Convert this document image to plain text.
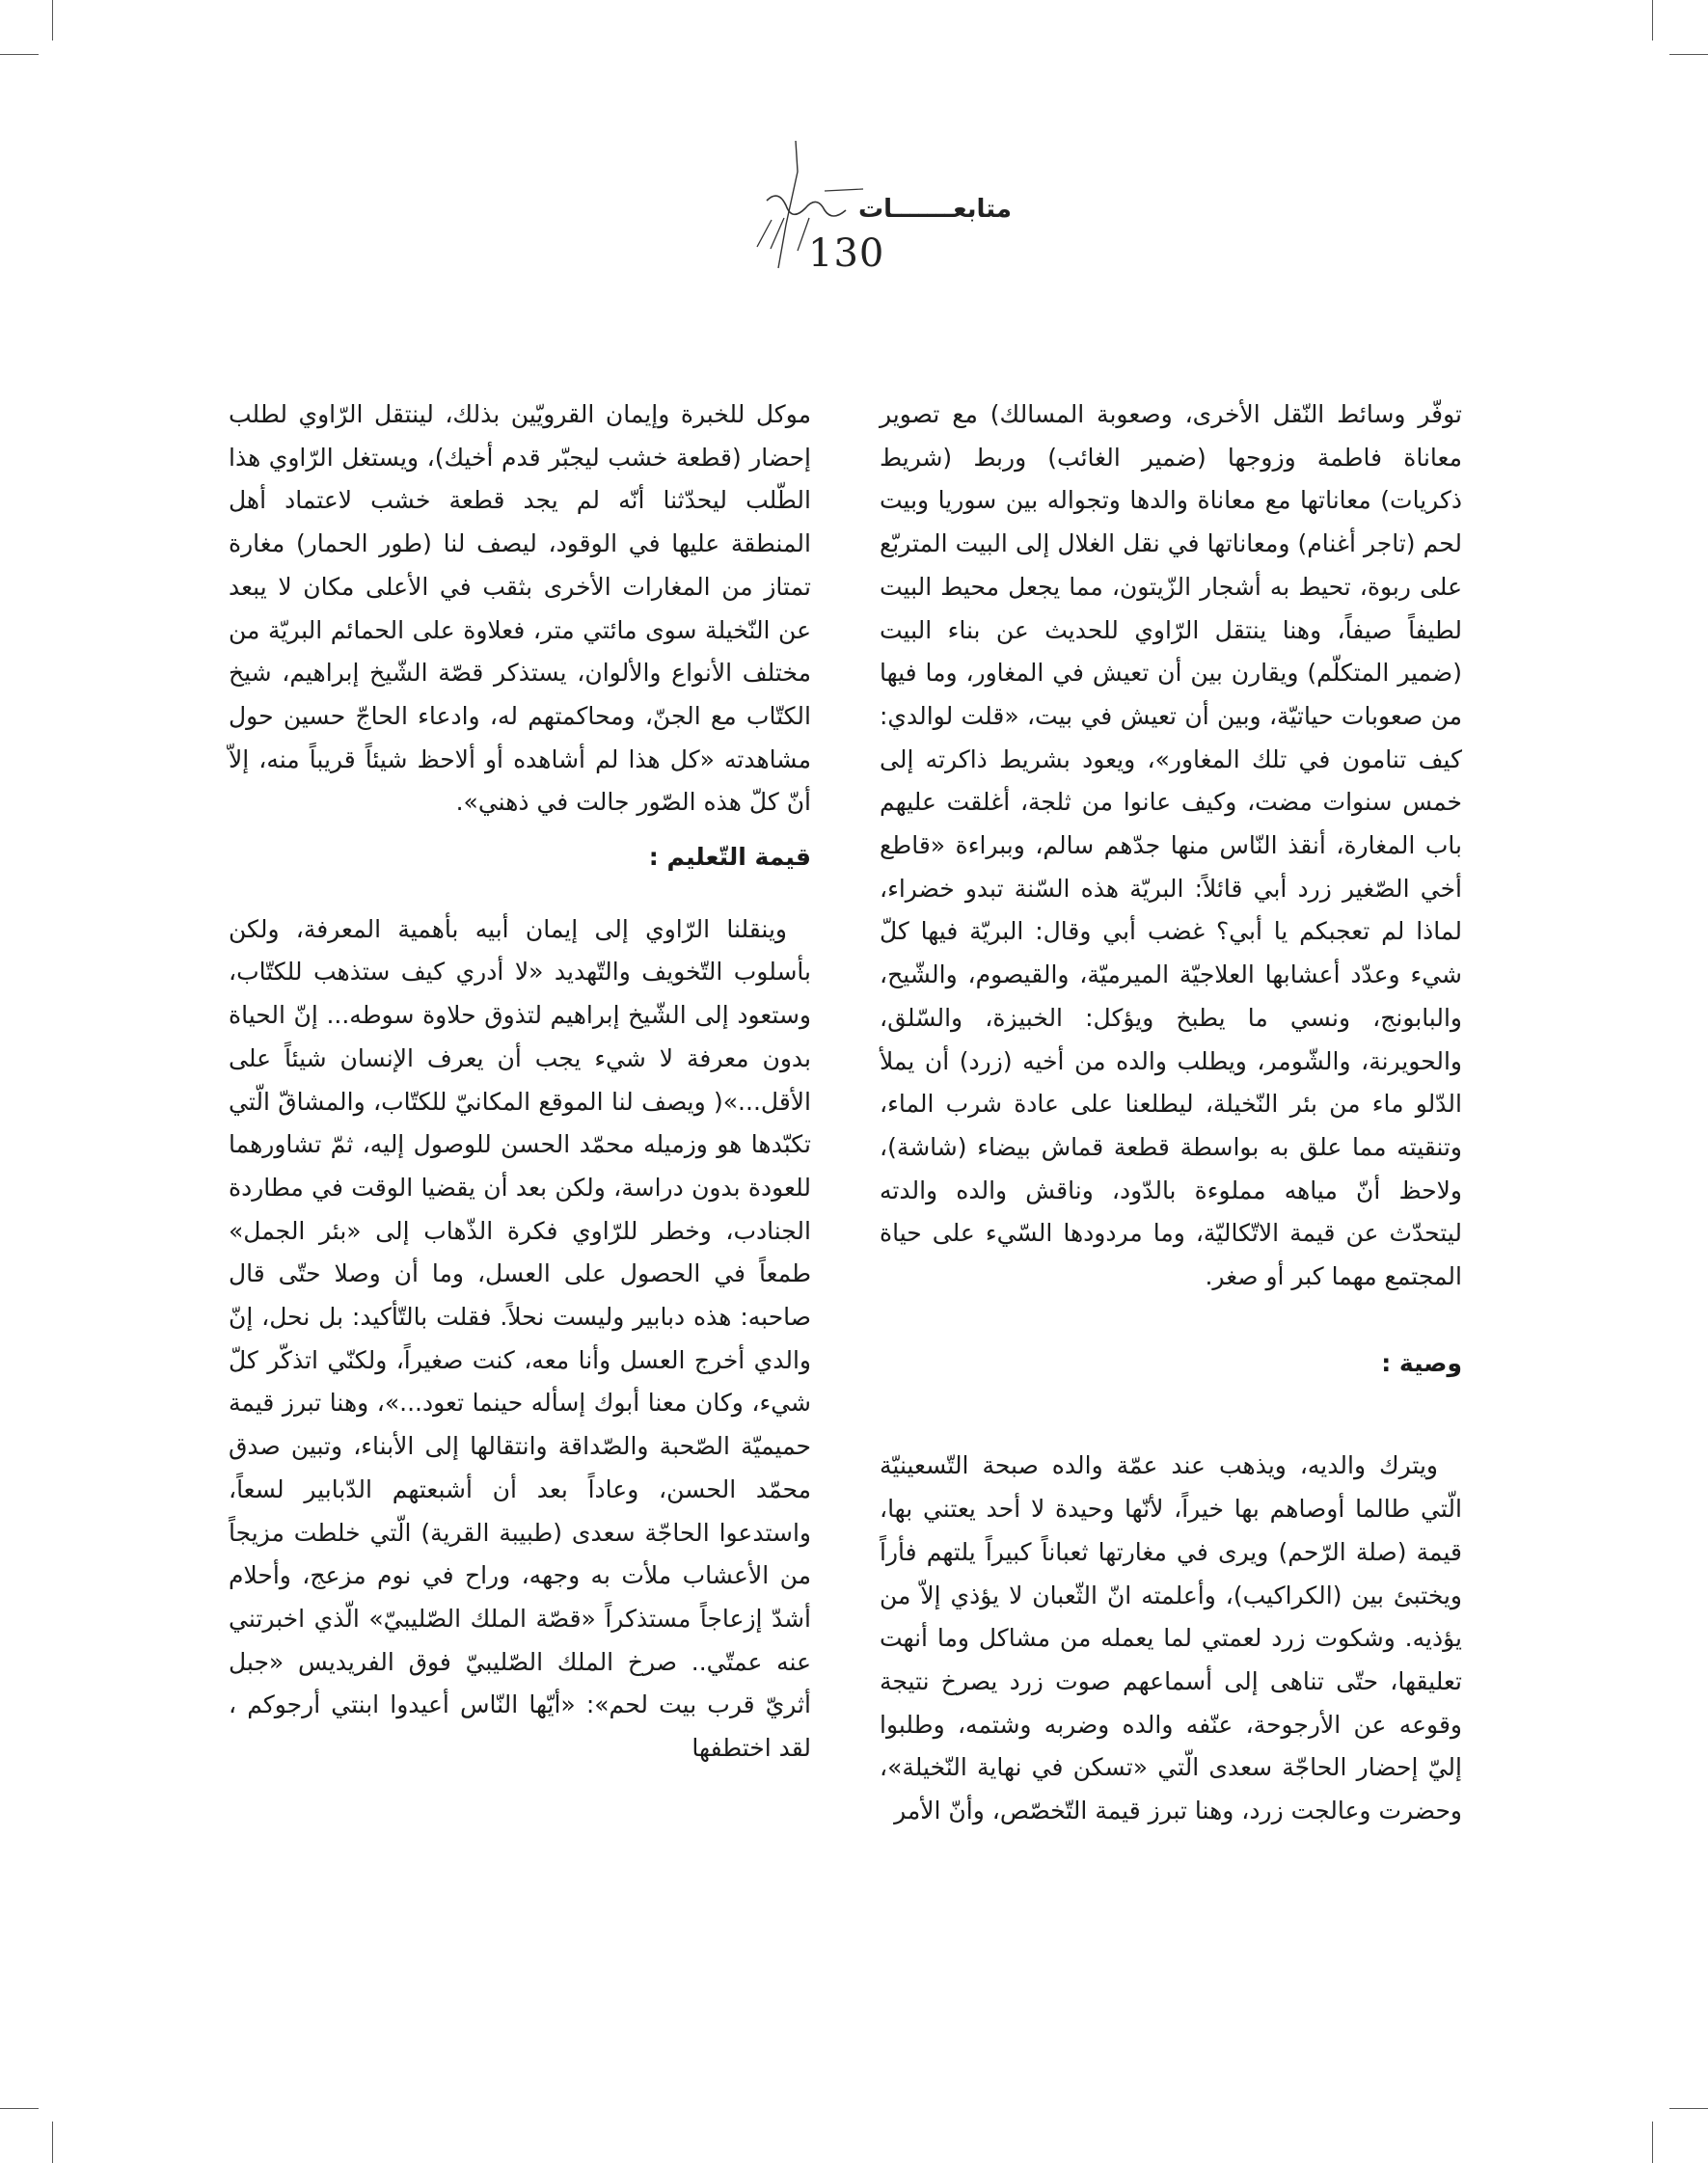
متابعـــــــات
130

توفّر وسائط النّقل الأخرى، وصعوبة المسالك) مع تصوير معاناة فاطمة وزوجها (ضمير الغائب) وربط (شريط ذكريات) معاناتها مع معاناة والدها وتجواله بين سوريا وبيت لحم (تاجر أغنام) ومعاناتها في نقل الغلال إلى البيت المتربّع على ربوة، تحيط به أشجار الزّيتون، مما يجعل محيط البيت لطيفاً صيفاً، وهنا ينتقل الرّاوي للحديث عن بناء البيت (ضمير المتكلّم) ويقارن بين أن تعيش في المغاور، وما فيها من صعوبات حياتيّة، وبين أن تعيش في بيت، «قلت لوالدي: كيف تنامون في تلك المغاور»، ويعود بشريط ذاكرته إلى خمس سنوات مضت، وكيف عانوا من ثلجة، أغلقت عليهم باب المغارة، أنقذ النّاس منها جدّهم سالم، وببراءة «قاطع أخي الصّغير زرد أبي قائلاً: البريّة هذه السّنة تبدو خضراء، لماذا لم تعجبكم يا أبي؟ غضب أبي وقال: البريّة فيها كلّ شيء وعدّد أعشابها العلاجيّة الميرميّة، والقيصوم، والشّيح، والبابونج، ونسي ما يطبخ ويؤكل: الخبيزة، والسّلق، والحويرنة، والشّومر، ويطلب والده من أخيه (زرد) أن يملأ الدّلو ماء من بئر النّخيلة، ليطلعنا على عادة شرب الماء، وتنقيته مما علق به بواسطة قطعة قماش بيضاء (شاشة)، ولاحظ أنّ مياهه مملوءة بالدّود، وناقش والده والدته ليتحدّث عن قيمة الاتّكاليّة، وما مردودها السّيء على حياة المجتمع مهما كبر أو صغر.

وصية :

ويترك والديه، ويذهب عند عمّة والده صبحة التّسعينيّة الّتي طالما أوصاهم بها خيراً، لأنّها وحيدة لا أحد يعتني بها، قيمة (صلة الرّحم) ويرى في مغارتها ثعباناً كبيراً يلتهم فأراً ويختبئ بين (الكراكيب)، وأعلمته انّ الثّعبان لا يؤذي إلاّ من يؤذيه. وشكوت زرد لعمتي لما يعمله من مشاكل وما أنهت تعليقها، حتّى تناهى إلى أسماعهم صوت زرد يصرخ نتيجة وقوعه عن الأرجوحة، عنّفه والده وضربه وشتمه، وطلبوا إليّ إحضار الحاجّة سعدى الّتي «تسكن في نهاية النّخيلة»، وحضرت وعالجت زرد، وهنا تبرز قيمة التّخصّص، وأنّ الأمر

موكل للخبرة وإيمان القرويّين بذلك، لينتقل الرّاوي لطلب إحضار (قطعة خشب ليجبّر قدم أخيك)، ويستغل الرّاوي هذا الطّلب ليحدّثنا أنّه لم يجد قطعة خشب لاعتماد أهل المنطقة عليها في الوقود، ليصف لنا (طور الحمار) مغارة تمتاز من المغارات الأخرى بثقب في الأعلى مكان لا يبعد عن النّخيلة سوى مائتي متر، فعلاوة على الحمائم البريّة من مختلف الأنواع والألوان، يستذكر قصّة الشّيخ إبراهيم، شيخ الكتّاب مع الجنّ، ومحاكمتهم له، وادعاء الحاجّ حسين حول مشاهدته «كل هذا لم أشاهده أو ألاحظ شيئاً قريباً منه، إلاّ أنّ كلّ هذه الصّور جالت في ذهني».

قيمة التّعليم :

وينقلنا الرّاوي إلى إيمان أبيه بأهمية المعرفة، ولكن بأسلوب التّخويف والتّهديد «لا أدري كيف ستذهب للكتّاب، وستعود إلى الشّيخ إبراهيم لتذوق حلاوة سوطه... إنّ الحياة بدون معرفة لا شيء يجب أن يعرف الإنسان شيئاً على الأقل...»( ويصف لنا الموقع المكانيّ للكتّاب، والمشاقّ الّتي تكبّدها هو وزميله محمّد الحسن للوصول إليه، ثمّ تشاورهما للعودة بدون دراسة، ولكن بعد أن يقضيا الوقت في مطاردة الجنادب، وخطر للرّاوي فكرة الذّهاب إلى «بئر الجمل» طمعاً في الحصول على العسل، وما أن وصلا حتّى قال صاحبه: هذه دبابير وليست نحلاً. فقلت بالتّأكيد: بل نحل، إنّ والدي أخرج العسل وأنا معه، كنت صغيراً، ولكنّي اتذكّر كلّ شيء، وكان معنا أبوك إسأله حينما تعود...»، وهنا تبرز قيمة حميميّة الصّحبة والصّداقة وانتقالها إلى الأبناء، وتبين صدق محمّد الحسن، وعاداً بعد أن أشبعتهم الدّبابير لسعاً، واستدعوا الحاجّة سعدى (طبيبة القرية) الّتي خلطت مزيجاً من الأعشاب ملأت به وجهه، وراح في نوم مزعج، وأحلام أشدّ إزعاجاً مستذكراً «قصّة الملك الصّليبيّ» الّذي اخبرتني عنه عمتّي.. صرخ الملك الصّليبيّ فوق الفريديس «جبل أثريّ قرب بيت لحم»: «أيّها النّاس أعيدوا ابنتي أرجوكم ، لقد اختطفها
